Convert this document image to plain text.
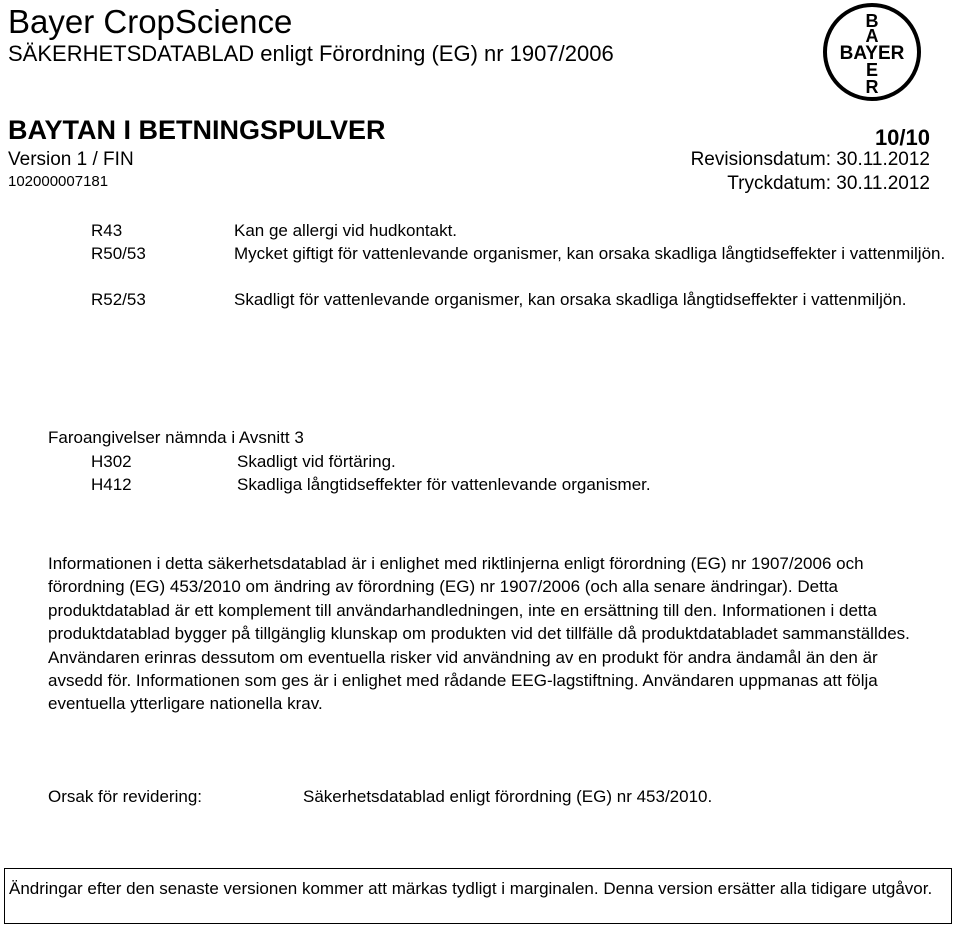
Bayer CropScience
SÄKERHETSDATABLAD enligt Förordning (EG) nr 1907/2006
B
A
BAYER
E
R
BAYTAN I BETNINGSPULVER	10/10
Version 1 / FIN	Revisionsdatum: 30.11.2012
102000007181	Tryckdatum: 30.11.2012
R43	Kan ge allergi vid hudkontakt.
R50/53	Mycket giftigt för vattenlevande organismer, kan orsaka skadliga långtidseffekter i vattenmiljön.
R52/53	Skadligt för vattenlevande organismer, kan orsaka skadliga långtidseffekter i vattenmiljön.
Faroangivelser nämnda i Avsnitt 3
H302	Skadligt vid förtäring.
H412	Skadliga långtidseffekter för vattenlevande organismer.
Informationen i detta säkerhetsdatablad är i enlighet med riktlinjerna enligt förordning (EG) nr 1907/2006 och förordning (EG) 453/2010 om ändring av förordning (EG) nr 1907/2006 (och alla senare ändringar). Detta produktdatablad är ett komplement till användarhandledningen, inte en ersättning till den. Informationen i detta produktdatablad bygger på tillgänglig klunskap om produkten vid det tillfälle då produktdatabladet sammanställdes. Användaren erinras dessutom om eventuella risker vid användning av en produkt för andra ändamål än den är avsedd för. Informationen som ges är i enlighet med rådande EEG-lagstiftning. Användaren uppmanas att följa eventuella ytterligare nationella krav.
Orsak för revidering:	Säkerhetsdatablad enligt förordning (EG) nr 453/2010.
Ändringar efter den senaste versionen kommer att märkas tydligt i marginalen. Denna version ersätter alla tidigare utgåvor.
